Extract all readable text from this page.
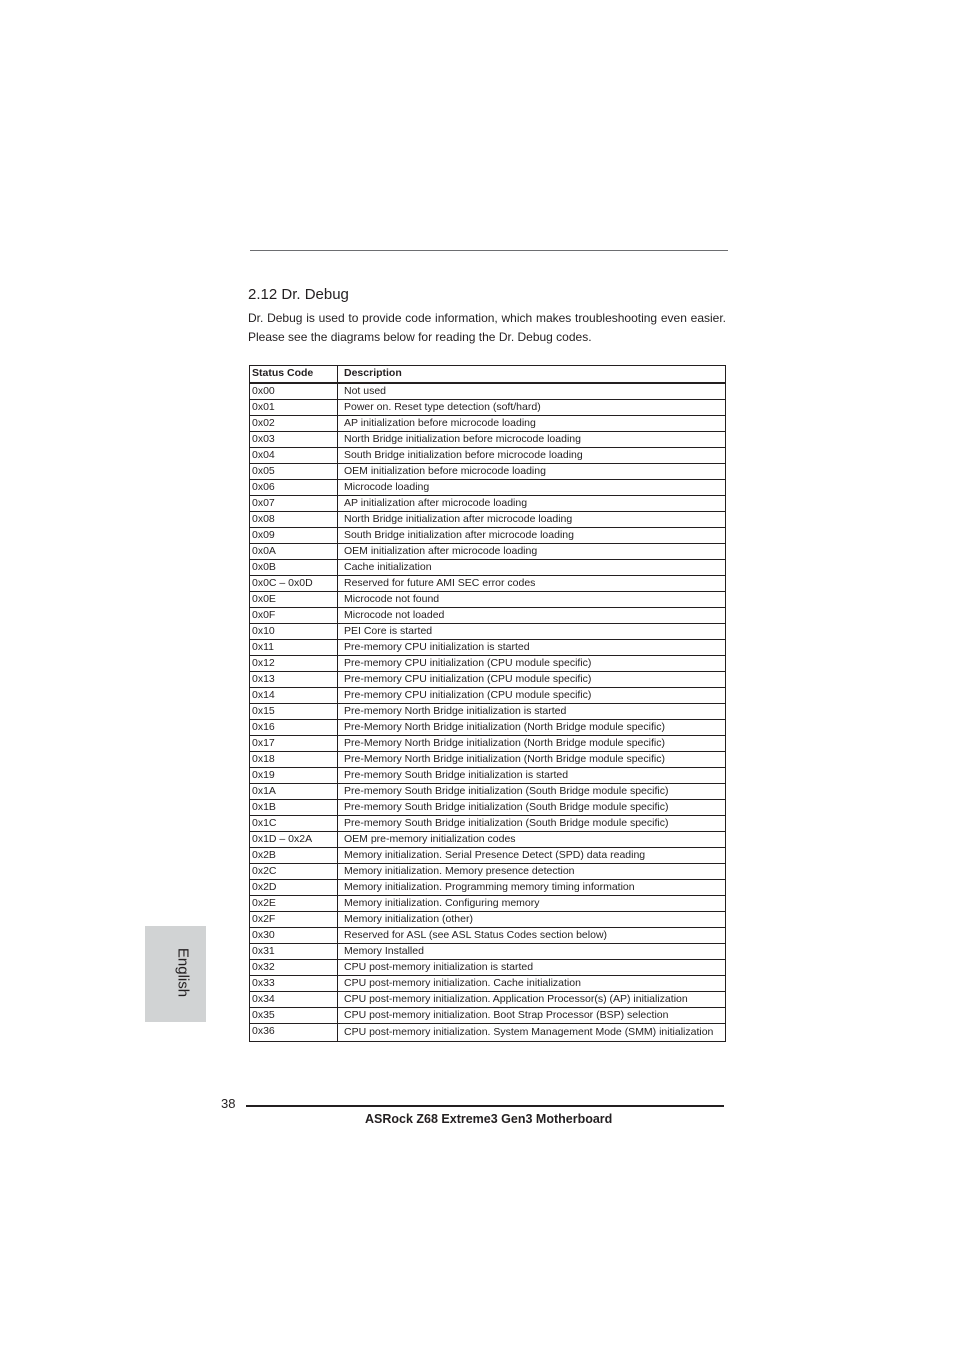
2.12 Dr. Debug

Dr. Debug is used to provide code information, which makes troubleshooting even easier. Please see the diagrams below for reading the Dr. Debug codes.

Status Code	Description
0x00	Not used
0x01	Power on. Reset type detection (soft/hard)
0x02	AP initialization before microcode loading
0x03	North Bridge initialization before microcode loading
0x04	South Bridge initialization before microcode loading
0x05	OEM initialization before microcode loading
0x06	Microcode loading
0x07	AP initialization after microcode loading
0x08	North Bridge initialization after microcode loading
0x09	South Bridge initialization after microcode loading
0x0A	OEM initialization after microcode loading
0x0B	Cache initialization
0x0C – 0x0D	Reserved for future AMI SEC error codes
0x0E	Microcode not found
0x0F	Microcode not loaded
0x10	PEI Core is started
0x11	Pre-memory CPU initialization is started
0x12	Pre-memory CPU initialization (CPU module specific)
0x13	Pre-memory CPU initialization (CPU module specific)
0x14	Pre-memory CPU initialization (CPU module specific)
0x15	Pre-memory North Bridge initialization is started
0x16	Pre-Memory North Bridge initialization (North Bridge module specific)
0x17	Pre-Memory North Bridge initialization (North Bridge module specific)
0x18	Pre-Memory North Bridge initialization (North Bridge module specific)
0x19	Pre-memory South Bridge initialization is started
0x1A	Pre-memory South Bridge initialization (South Bridge module specific)
0x1B	Pre-memory South Bridge initialization (South Bridge module specific)
0x1C	Pre-memory South Bridge initialization (South Bridge module specific)
0x1D – 0x2A	OEM pre-memory initialization codes
0x2B	Memory initialization. Serial Presence Detect (SPD) data reading
0x2C	Memory initialization. Memory presence detection
0x2D	Memory initialization. Programming memory timing information
0x2E	Memory initialization. Configuring memory
0x2F	Memory initialization (other)
0x30	Reserved for ASL (see ASL Status Codes section below)
0x31	Memory Installed
0x32	CPU post-memory initialization is started
0x33	CPU post-memory initialization. Cache initialization
0x34	CPU post-memory initialization. Application Processor(s) (AP) initialization
0x35	CPU post-memory initialization. Boot Strap Processor (BSP) selection
0x36	CPU post-memory initialization. System Management Mode (SMM) initialization
English
38
ASRock Z68 Extreme3 Gen3 Motherboard
